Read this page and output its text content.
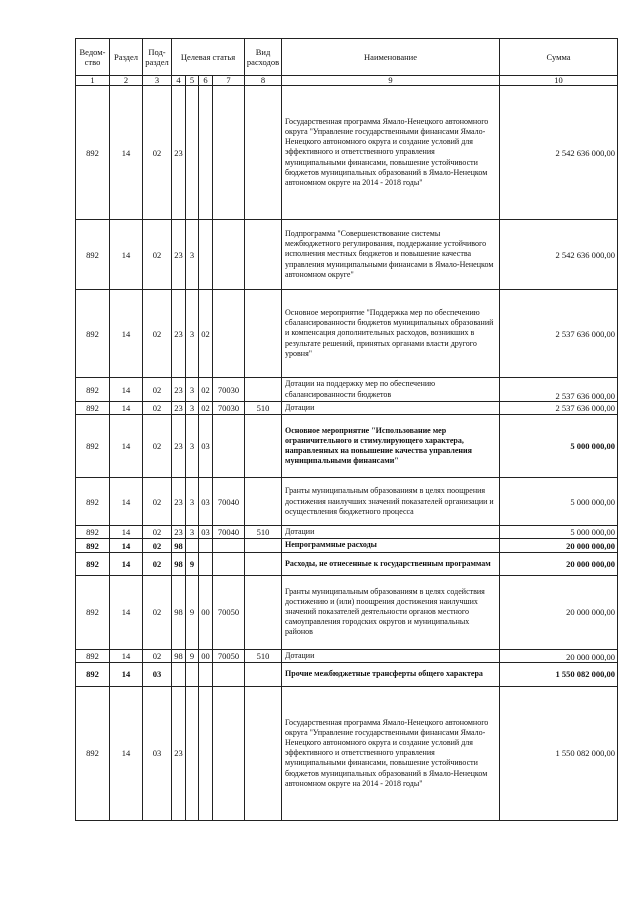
Ведом-ство	Раздел	Под-раздел	Целевая статья				Вид расходов	Наименование	Сумма
1	2	3	4	5	6	7	8	9	10
892	14	02	23					Государственная программа Ямало-Ненецкого автономного округа "Управление государственными финансами Ямало-Ненецкого автономного округа и создание условий для эффективного и ответственного управления муниципальными финансами, повышение устойчивости бюджетов муниципальных образований в Ямало-Ненецком автономном округе на 2014 - 2018 годы"	2 542 636 000,00
892	14	02	23	3				Подпрограмма "Совершенствование системы межбюджетного регулирования, поддержание устойчивого исполнения местных бюджетов и повышение качества управления муниципальными финансами в Ямало-Ненецком автономном округе"	2 542 636 000,00
892	14	02	23	3	02			Основное мероприятие "Поддержка мер по обеспечению сбалансированности бюджетов муниципальных образований и компенсация дополнительных расходов, возникших в результате решений, принятых органами власти другого уровня"	2 537 636 000,00
892	14	02	23	3	02	70030		Дотации на поддержку мер по обеспечению сбалансированности бюджетов	2 537 636 000,00
892	14	02	23	3	02	70030	510	Дотации	2 537 636 000,00
892	14	02	23	3	03			Основное мероприятие "Использование мер ограничительного и стимулирующего характера, направленных на повышение качества управления муниципальными финансами"	5 000 000,00
892	14	02	23	3	03	70040		Гранты муниципальным образованиям в целях поощрения достижения наилучших значений показателей организации и осуществления бюджетного процесса	5 000 000,00
892	14	02	23	3	03	70040	510	Дотации	5 000 000,00
892	14	02	98					Непрограммные расходы	20 000 000,00
892	14	02	98	9				Расходы, не отнесенные к государственным программам	20 000 000,00
892	14	02	98	9	00	70050		Гранты муниципальным образованиям в целях содействия достижению и (или) поощрения достижения наилучших значений показателей деятельности органов местного самоуправления городских округов и муниципальных районов	20 000 000,00
892	14	02	98	9	00	70050	510	Дотации	20 000 000,00
892	14	03						Прочие межбюджетные трансферты общего характера	1 550 082 000,00
892	14	03	23					Государственная программа Ямало-Ненецкого автономного округа "Управление государственными финансами Ямало-Ненецкого автономного округа и создание условий для эффективного и ответственного управления муниципальными финансами, повышение устойчивости бюджетов муниципальных образований в Ямало-Ненецком автономном округе на 2014 - 2018 годы"	1 550 082 000,00
